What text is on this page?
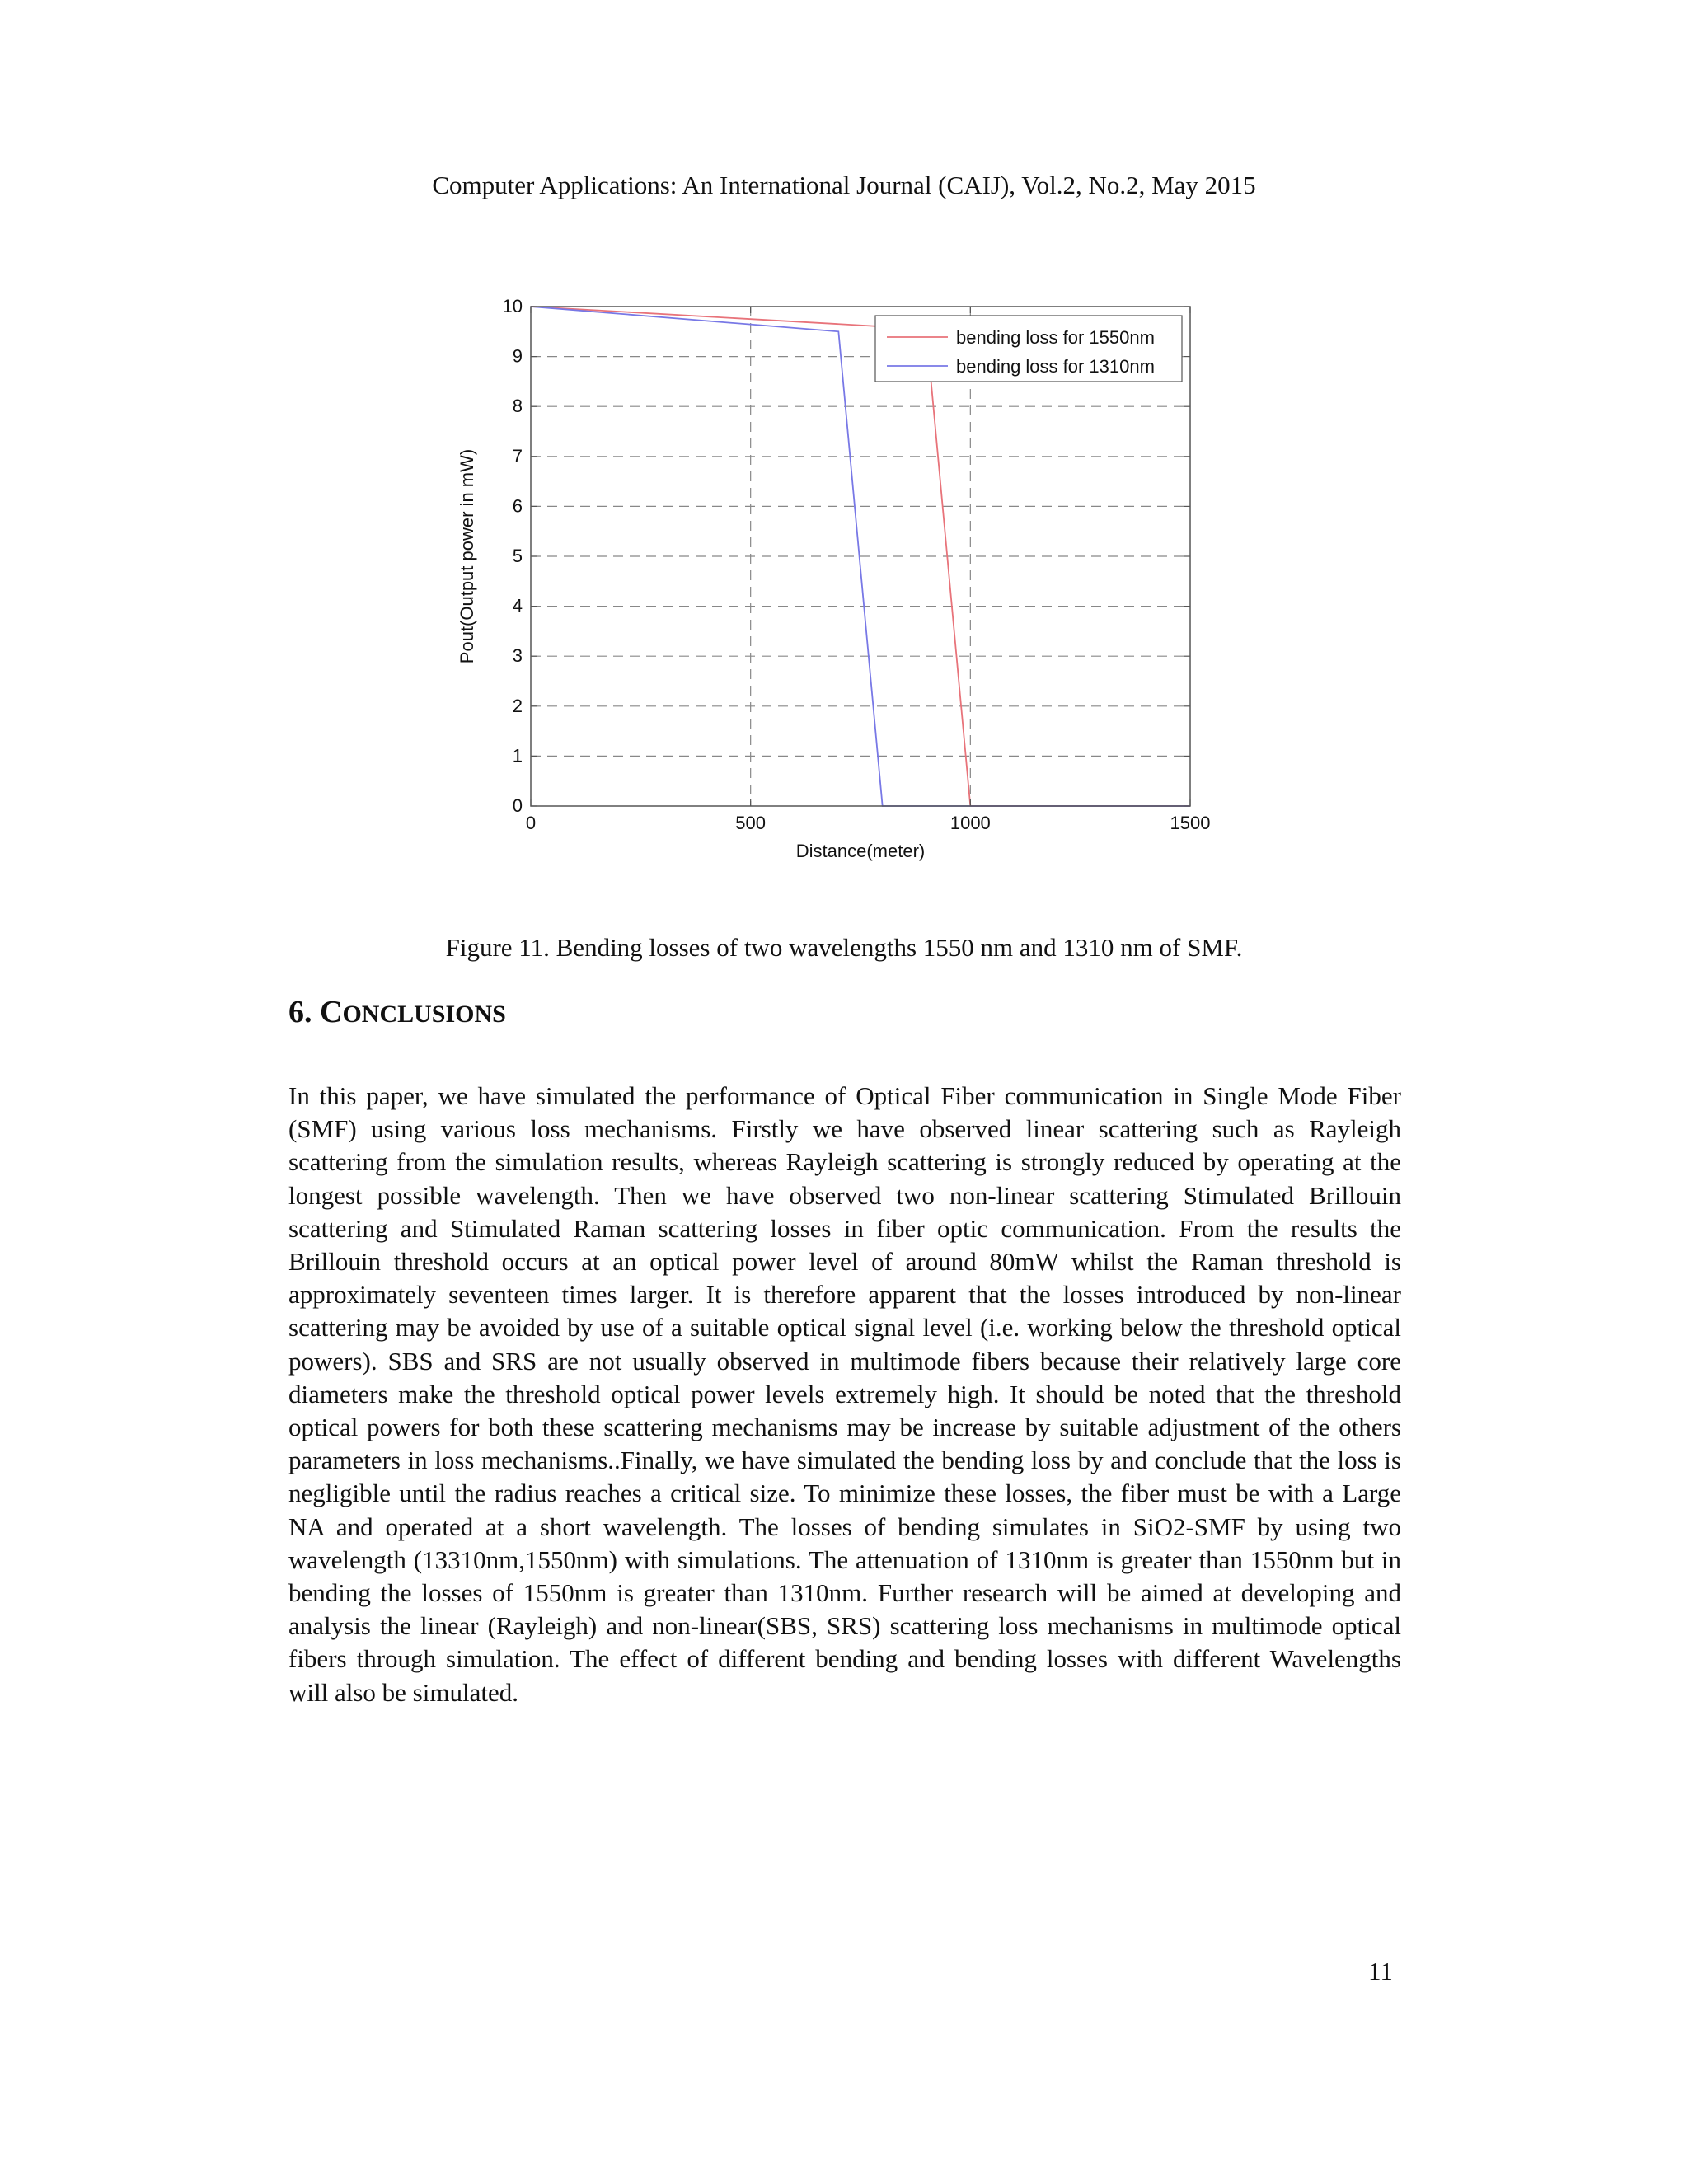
Computer Applications: An International Journal (CAIJ), Vol.2, No.2, May 2015
0	500	1000	1500
0
1
2
3
4
5
6
7
8
9
10
Distance(meter)
Pout(Output power in mW)
bending loss for 1550nm
bending loss for 1310nm
Figure 11. Bending losses of two wavelengths 1550 nm and 1310 nm of SMF.
6. CONCLUSIONS

In this paper, we have simulated the performance of Optical Fiber communication in Single Mode Fiber (SMF) using various loss mechanisms. Firstly we have observed linear scattering such as Rayleigh scattering from the simulation results, whereas Rayleigh scattering is strongly reduced by operating at the longest possible wavelength. Then we have observed two non-linear scattering Stimulated Brillouin scattering and Stimulated Raman scattering losses in fiber optic communication. From the results the Brillouin threshold occurs at an optical power level of around 80mW whilst the Raman threshold is approximately seventeen times larger. It is therefore apparent that the losses introduced by non-linear scattering may be avoided by use of a suitable optical signal level (i.e. working below the threshold optical powers). SBS and SRS are not usually observed in multimode fibers because their relatively large core diameters make the threshold optical power levels extremely high. It should be noted that the threshold optical powers for both these scattering mechanisms may be increase by suitable adjustment of the others parameters in loss mechanisms..Finally, we have simulated the bending loss by and conclude that the loss is negligible until the radius reaches a critical size. To minimize these losses, the fiber must be with a Large NA and operated at a short wavelength. The losses of bending simulates in SiO2-SMF by using two wavelength (13310nm,1550nm) with simulations. The attenuation of 1310nm is greater than 1550nm but in bending the losses of 1550nm is greater than 1310nm. Further research will be aimed at developing and analysis the linear (Rayleigh) and non-linear(SBS, SRS) scattering loss mechanisms in multimode optical fibers through simulation. The effect of different bending and bending losses with different Wavelengths will also be simulated.

11
